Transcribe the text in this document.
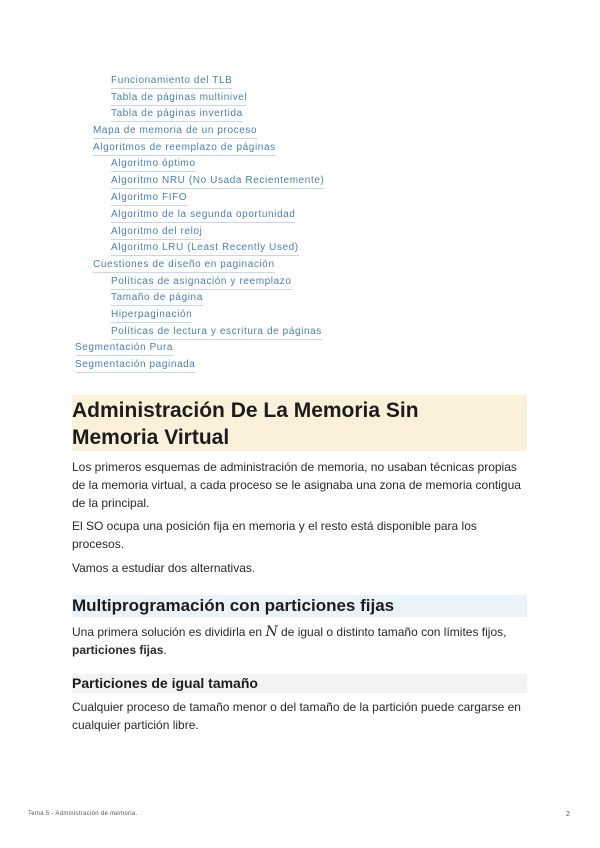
Funcionamiento del TLB
Tabla de páginas multinivel
Tabla de páginas invertida
Mapa de memoria de un proceso
Algoritmos de reemplazo de páginas
Algoritmo óptimo
Algoritmo NRU (No Usada Recientemente)
Algoritmo FIFO
Algoritmo de la segunda oportunidad
Algoritmo del reloj
Algoritmo LRU (Least Recently Used)
Cuestiones de diseño en paginación
Políticas de asignación y reemplazo
Tamaño de página
Hiperpaginación
Políticas de lectura y escritura de páginas
Segmentación Pura
Segmentación paginada
Administración De La Memoria Sin
Memoria Virtual

Los primeros esquemas de administración de memoria, no usaban técnicas propias de la memoria virtual, a cada proceso se le asignaba una zona de memoria contigua de la principal.

El SO ocupa una posición fija en memoria y el resto está disponible para los procesos.

Vamos a estudiar dos alternativas.

Multiprogramación con particiones fijas

Una primera solución es dividirla en N de igual o distinto tamaño con límites fijos, particiones fijas.

Particiones de igual tamaño

Cualquier proceso de tamaño menor o del tamaño de la partición puede cargarse en cualquier partición libre.

Tema 5 - Administración de memoria.	2
